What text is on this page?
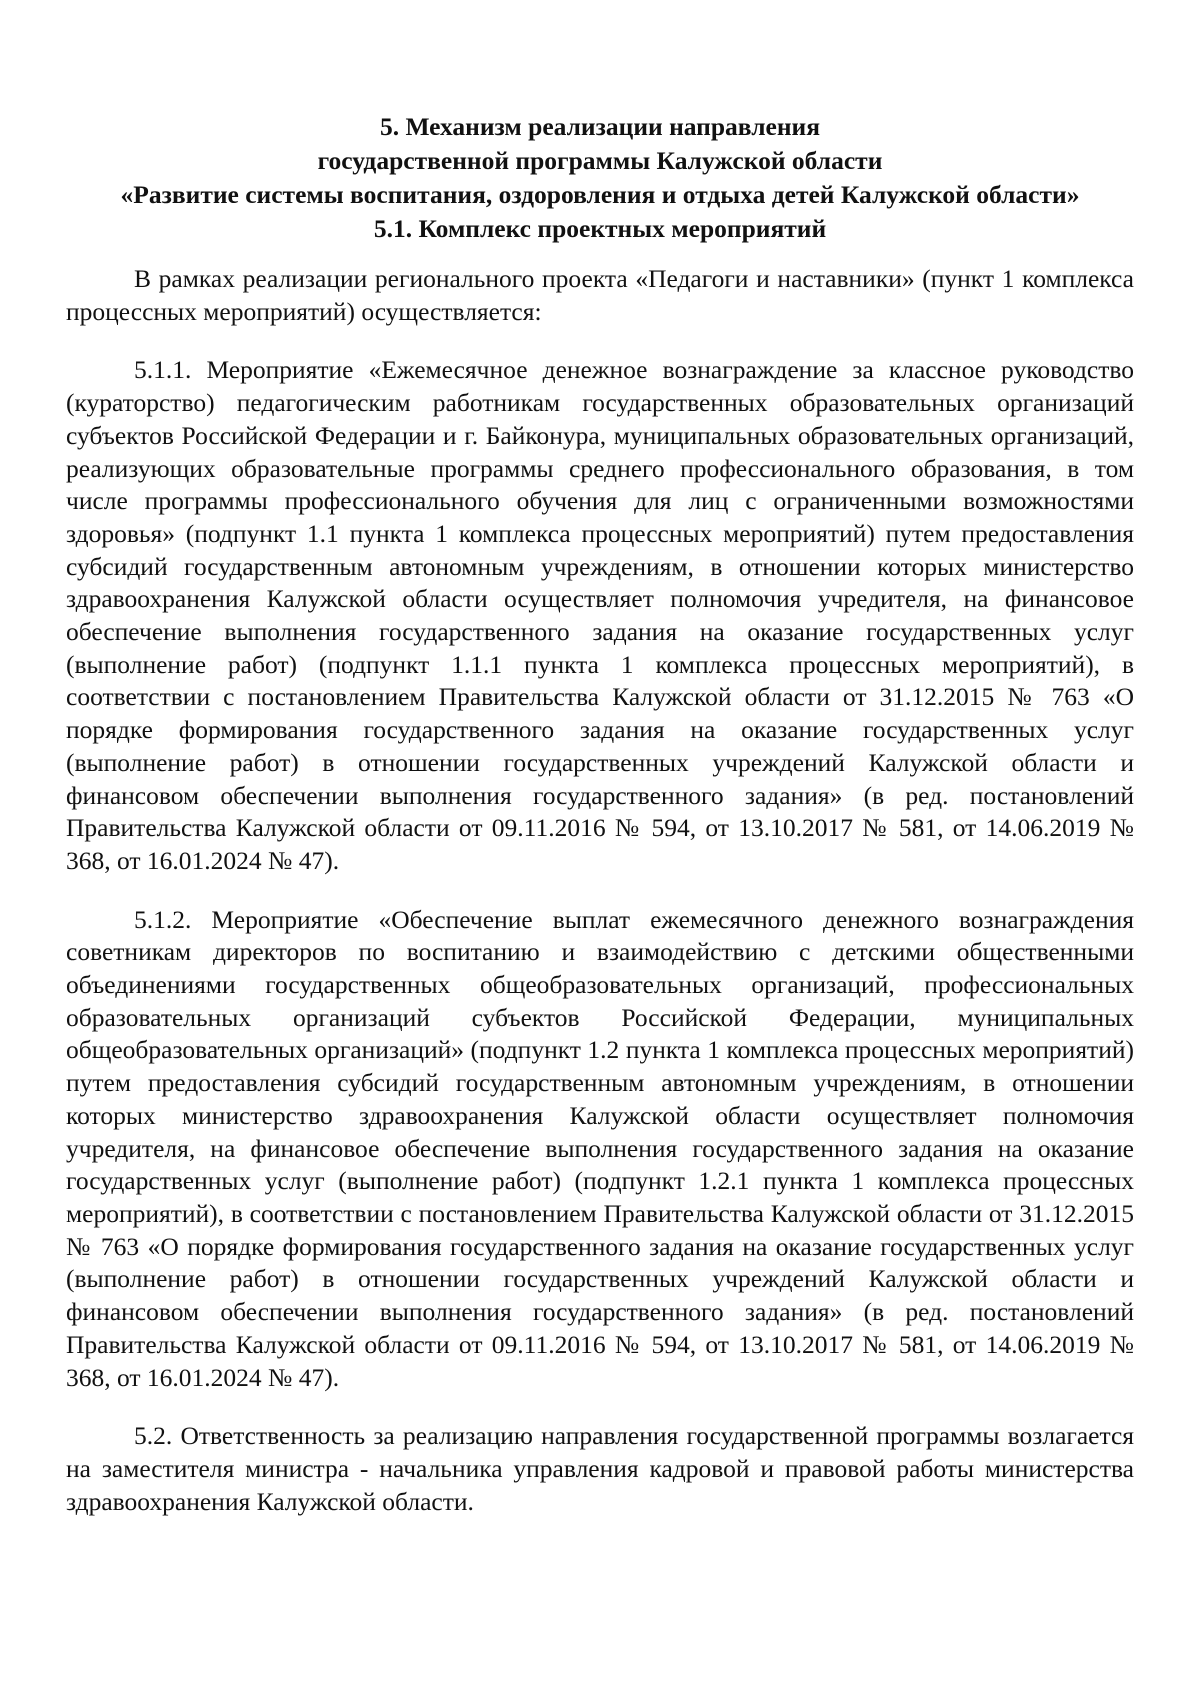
5. Механизм реализации направления
государственной программы Калужской области
«Развитие системы воспитания, оздоровления и отдыха детей Калужской области»
5.1. Комплекс проектных мероприятий

В рамках реализации регионального проекта «Педагоги и наставники» (пункт 1 комплекса процессных мероприятий) осуществляется:

5.1.1. Мероприятие «Ежемесячное денежное вознаграждение за классное руководство (кураторство) педагогическим работникам государственных образовательных организаций субъектов Российской Федерации и г. Байконура, муниципальных образовательных организаций, реализующих образовательные программы среднего профессионального образования, в том числе программы профессионального обучения для лиц с ограниченными возможностями здоровья» (подпункт 1.1 пункта 1 комплекса процессных мероприятий) путем предоставления субсидий государственным автономным учреждениям, в отношении которых министерство здравоохранения Калужской области осуществляет полномочия учредителя, на финансовое обеспечение выполнения государственного задания на оказание государственных услуг (выполнение работ) (подпункт 1.1.1 пункта 1 комплекса процессных мероприятий), в соответствии с постановлением Правительства Калужской области от 31.12.2015 № 763 «О порядке формирования государственного задания на оказание государственных услуг (выполнение работ) в отношении государственных учреждений Калужской области и финансовом обеспечении выполнения государственного задания» (в ред. постановлений Правительства Калужской области от 09.11.2016 № 594, от 13.10.2017 № 581, от 14.06.2019 № 368, от 16.01.2024 № 47).

5.1.2. Мероприятие «Обеспечение выплат ежемесячного денежного вознаграждения советникам директоров по воспитанию и взаимодействию с детскими общественными объединениями государственных общеобразовательных организаций, профессиональных образовательных организаций субъектов Российской Федерации, муниципальных общеобразовательных организаций» (подпункт 1.2 пункта 1 комплекса процессных мероприятий) путем предоставления субсидий государственным автономным учреждениям, в отношении которых министерство здравоохранения Калужской области осуществляет полномочия учредителя, на финансовое обеспечение выполнения государственного задания на оказание государственных услуг (выполнение работ) (подпункт 1.2.1 пункта 1 комплекса процессных мероприятий), в соответствии с постановлением Правительства Калужской области от 31.12.2015 № 763 «О порядке формирования государственного задания на оказание государственных услуг (выполнение работ) в отношении государственных учреждений Калужской области и финансовом обеспечении выполнения государственного задания» (в ред. постановлений Правительства Калужской области от 09.11.2016 № 594, от 13.10.2017 № 581, от 14.06.2019 № 368, от 16.01.2024 № 47).

5.2. Ответственность за реализацию направления государственной программы возлагается на заместителя министра - начальника управления кадровой и правовой работы министерства здравоохранения Калужской области.
